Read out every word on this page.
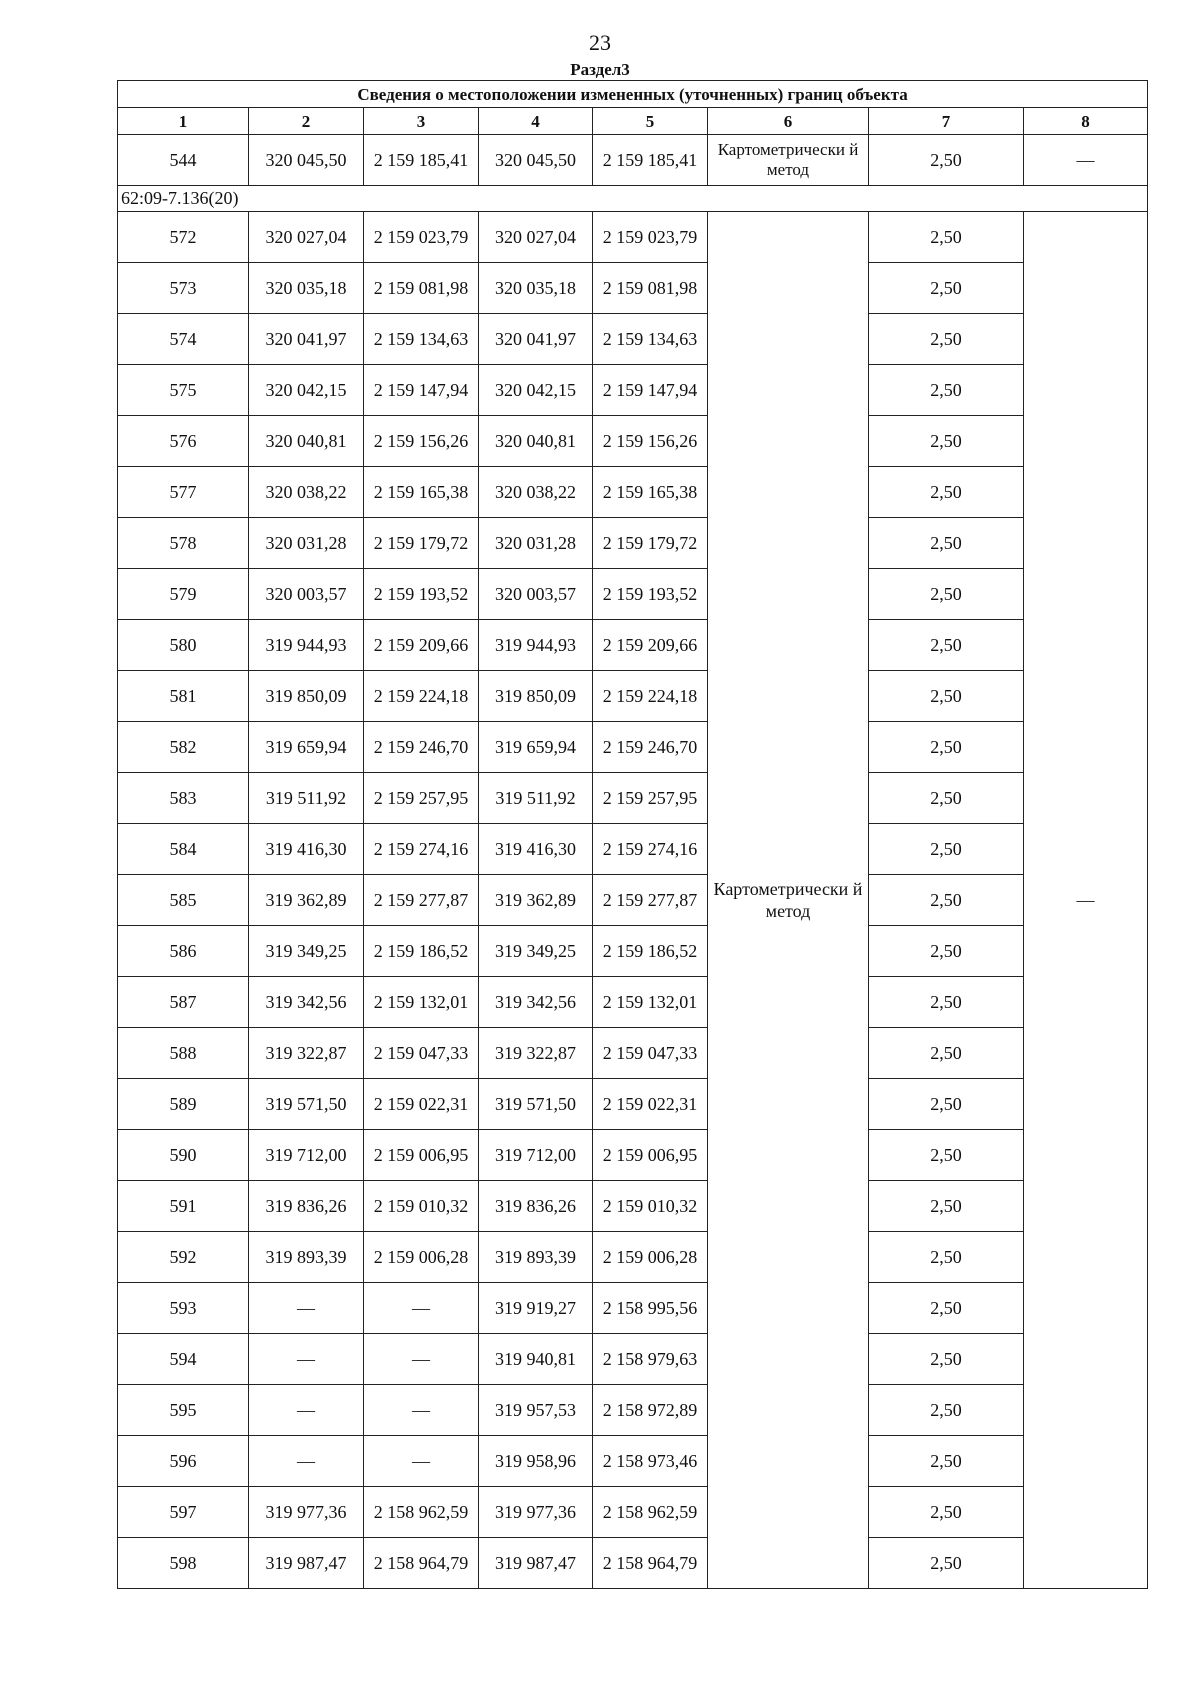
23
Раздел3
Сведения о местоположении измененных (уточненных) границ объекта							
1	2	3	4	5	6	7	8
544	320 045,50	2 159 185,41	320 045,50	2 159 185,41	Картометрически й метод	2,50	—
62:09-7.136(20)							
572	320 027,04	2 159 023,79	320 027,04	2 159 023,79	Картометрически й метод	2,50	—
573	320 035,18	2 159 081,98	320 035,18	2 159 081,98		2,50	
574	320 041,97	2 159 134,63	320 041,97	2 159 134,63		2,50	
575	320 042,15	2 159 147,94	320 042,15	2 159 147,94		2,50	
576	320 040,81	2 159 156,26	320 040,81	2 159 156,26		2,50	
577	320 038,22	2 159 165,38	320 038,22	2 159 165,38		2,50	
578	320 031,28	2 159 179,72	320 031,28	2 159 179,72		2,50	
579	320 003,57	2 159 193,52	320 003,57	2 159 193,52		2,50	
580	319 944,93	2 159 209,66	319 944,93	2 159 209,66		2,50	
581	319 850,09	2 159 224,18	319 850,09	2 159 224,18		2,50	
582	319 659,94	2 159 246,70	319 659,94	2 159 246,70		2,50	
583	319 511,92	2 159 257,95	319 511,92	2 159 257,95		2,50	
584	319 416,30	2 159 274,16	319 416,30	2 159 274,16		2,50	
585	319 362,89	2 159 277,87	319 362,89	2 159 277,87		2,50	
586	319 349,25	2 159 186,52	319 349,25	2 159 186,52		2,50	
587	319 342,56	2 159 132,01	319 342,56	2 159 132,01		2,50	
588	319 322,87	2 159 047,33	319 322,87	2 159 047,33		2,50	
589	319 571,50	2 159 022,31	319 571,50	2 159 022,31		2,50	
590	319 712,00	2 159 006,95	319 712,00	2 159 006,95		2,50	
591	319 836,26	2 159 010,32	319 836,26	2 159 010,32		2,50	
592	319 893,39	2 159 006,28	319 893,39	2 159 006,28		2,50	
593	—	—	319 919,27	2 158 995,56		2,50	
594	—	—	319 940,81	2 158 979,63		2,50	
595	—	—	319 957,53	2 158 972,89		2,50	
596	—	—	319 958,96	2 158 973,46		2,50	
597	319 977,36	2 158 962,59	319 977,36	2 158 962,59		2,50	
598	319 987,47	2 158 964,79	319 987,47	2 158 964,79		2,50	
